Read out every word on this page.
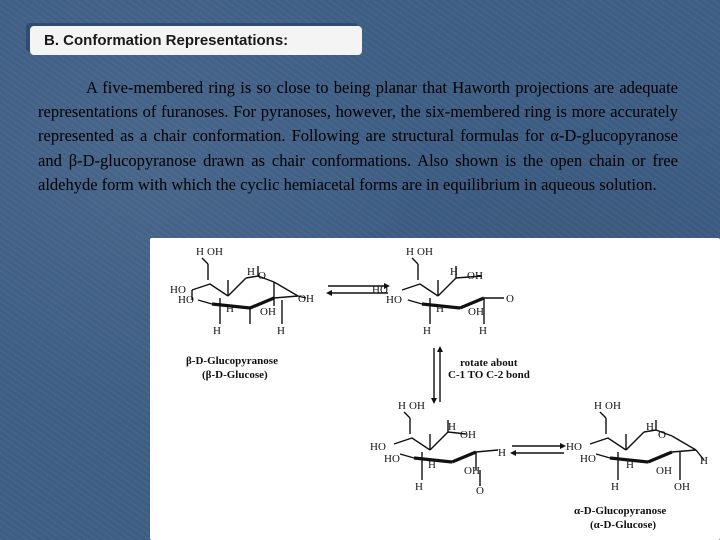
B. Conformation Representations:

A five-membered ring is so close to being planar that Haworth projections are adequate representations of furanoses. For pyranoses, however, the six-membered ring is more accurately represented as a chair conformation. Following are structural formulas for α-D-glucopyranose and β-D-glucopyranose drawn as chair conformations. Also shown is the open chain or free aldehyde form with which the cyclic hemiacetal forms are in equilibrium in aqueous solution.

H OH
H O
HO
HO
H OH
OH
H	H
H OH
H OH
HO
HO
H OH
O
H	H
β-D-Glucopyranose
(β-D-Glucose)
rotate about
C-1 TO C-2 bond
H OH
H
OH
HO
HO	H	OH
H
H	O
H OH
H
O
HO
HO	H OH
H
H	OH
α-D-Glucopyranose
(α-D-Glucose)
